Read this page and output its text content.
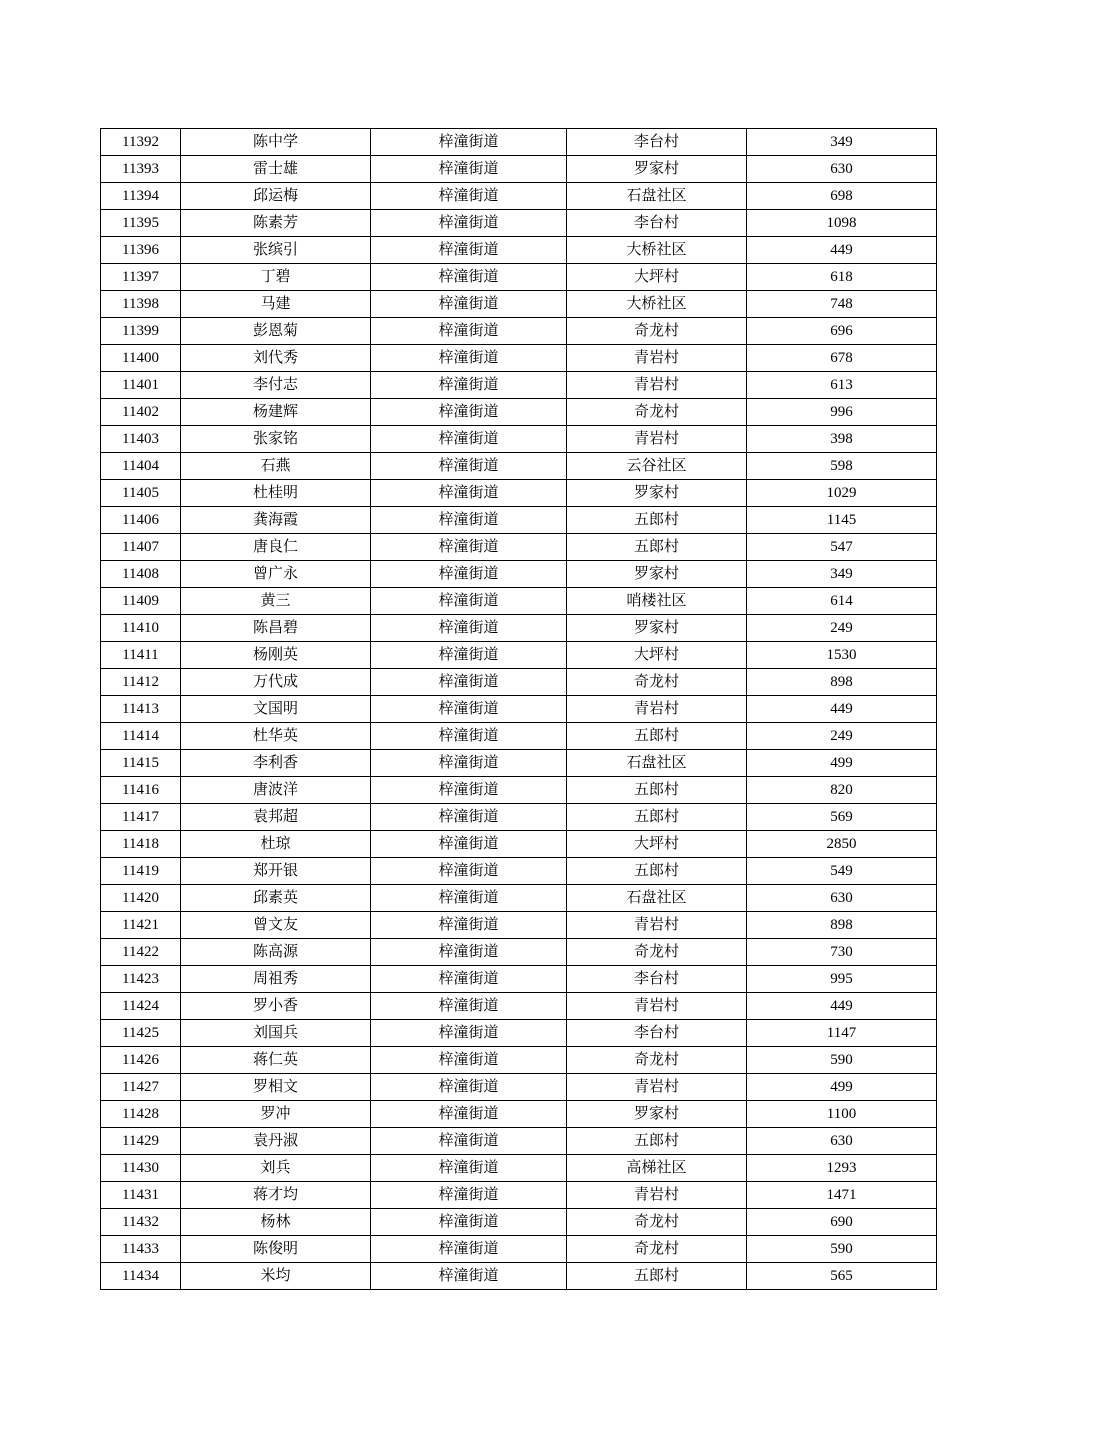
11392	陈中学	梓潼街道	李台村	349
11393	雷士雄	梓潼街道	罗家村	630
11394	邱运梅	梓潼街道	石盘社区	698
11395	陈素芳	梓潼街道	李台村	1098
11396	张缤引	梓潼街道	大桥社区	449
11397	丁碧	梓潼街道	大坪村	618
11398	马建	梓潼街道	大桥社区	748
11399	彭恩菊	梓潼街道	奇龙村	696
11400	刘代秀	梓潼街道	青岩村	678
11401	李付志	梓潼街道	青岩村	613
11402	杨建辉	梓潼街道	奇龙村	996
11403	张家铭	梓潼街道	青岩村	398
11404	石燕	梓潼街道	云谷社区	598
11405	杜桂明	梓潼街道	罗家村	1029
11406	龚海霞	梓潼街道	五郎村	1145
11407	唐良仁	梓潼街道	五郎村	547
11408	曾广永	梓潼街道	罗家村	349
11409	黄三	梓潼街道	哨楼社区	614
11410	陈昌碧	梓潼街道	罗家村	249
11411	杨刚英	梓潼街道	大坪村	1530
11412	万代成	梓潼街道	奇龙村	898
11413	文国明	梓潼街道	青岩村	449
11414	杜华英	梓潼街道	五郎村	249
11415	李利香	梓潼街道	石盘社区	499
11416	唐波洋	梓潼街道	五郎村	820
11417	袁邦超	梓潼街道	五郎村	569
11418	杜琼	梓潼街道	大坪村	2850
11419	郑开银	梓潼街道	五郎村	549
11420	邱素英	梓潼街道	石盘社区	630
11421	曾文友	梓潼街道	青岩村	898
11422	陈高源	梓潼街道	奇龙村	730
11423	周祖秀	梓潼街道	李台村	995
11424	罗小香	梓潼街道	青岩村	449
11425	刘国兵	梓潼街道	李台村	1147
11426	蒋仁英	梓潼街道	奇龙村	590
11427	罗相文	梓潼街道	青岩村	499
11428	罗冲	梓潼街道	罗家村	1100
11429	袁丹淑	梓潼街道	五郎村	630
11430	刘兵	梓潼街道	高梯社区	1293
11431	蒋才均	梓潼街道	青岩村	1471
11432	杨林	梓潼街道	奇龙村	690
11433	陈俊明	梓潼街道	奇龙村	590
11434	米均	梓潼街道	五郎村	565
